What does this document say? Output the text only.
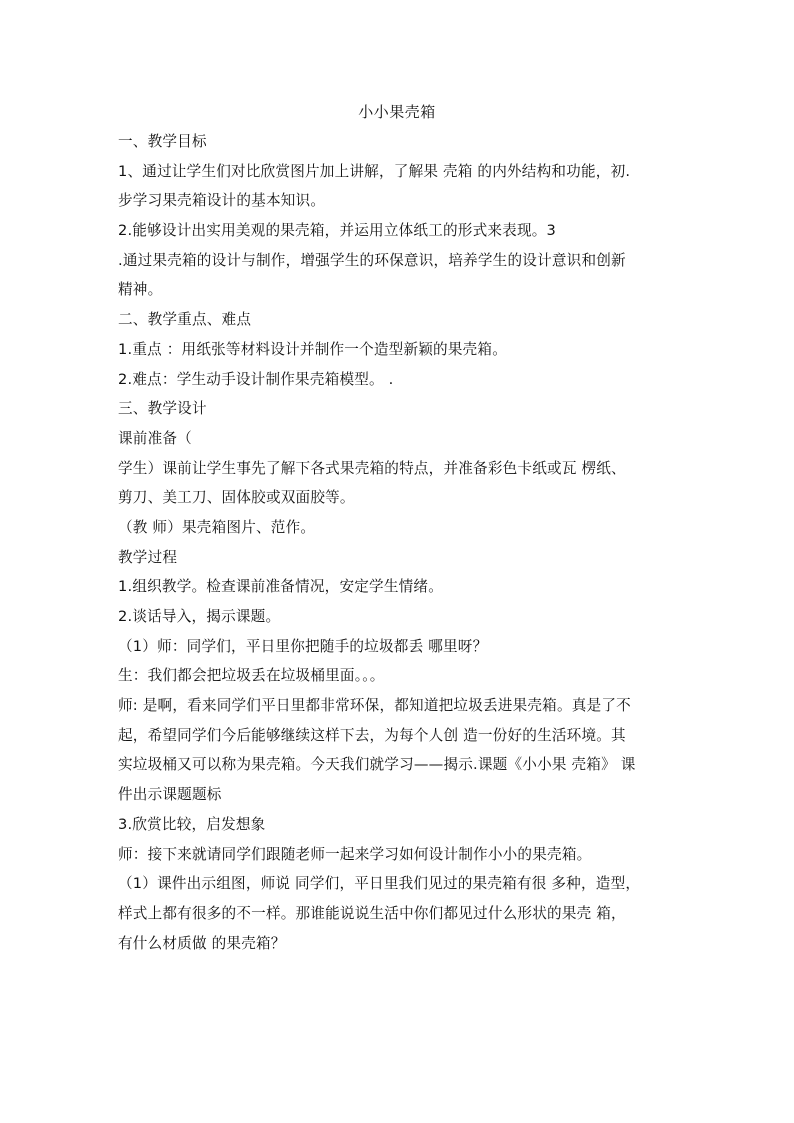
小小果壳箱
一、教学目标
1、通过让学生们对比欣赏图片加上讲解，了解果 壳箱 的内外结构和功能，初.
步学习果壳箱设计的基本知识。
2.能够设计出实用美观的果壳箱，并运用立体纸工的形式来表现。3
.通过果壳箱的设计与制作，增强学生的环保意识，培养学生的设计意识和创新
精神。
二、教学重点、难点
1.重点 ：用纸张等材料设计并制作一个造型新颖的果壳箱。
2.难点：学生动手设计制作果壳箱模型。 .
三、教学设计
课前准备（
学生）课前让学生事先了解下各式果壳箱的特点，并准备彩色卡纸或瓦 楞纸、
剪刀、美工刀、固体胶或双面胶等。
（教 师）果壳箱图片、范作。
教学过程
1.组织教学。检查课前准备情况，安定学生情绪。
2.谈话导入，揭示课题。
（1）师：同学们，平日里你把随手的垃圾都丢 哪里呀？
生：我们都会把垃圾丢在垃圾桶里面。。。
师: 是啊，看来同学们平日里都非常环保，都知道把垃圾丢进果壳箱。真是了不
起，希望同学们今后能够继续这样下去，为每个人创 造一份好的生活环境。其
实垃圾桶又可以称为果壳箱。今天我们就学习——揭示.课题《小小果 壳箱》 课
件出示课题题标
3.欣赏比较，启发想象
师：接下来就请同学们跟随老师一起来学习如何设计制作小小的果壳箱。
（1）课件出示组图，师说 同学们，平日里我们见过的果壳箱有很 多种，造型，
样式上都有很多的不一样。那谁能说说生活中你们都见过什么形状的果壳 箱，
有什么材质做 的果壳箱？
